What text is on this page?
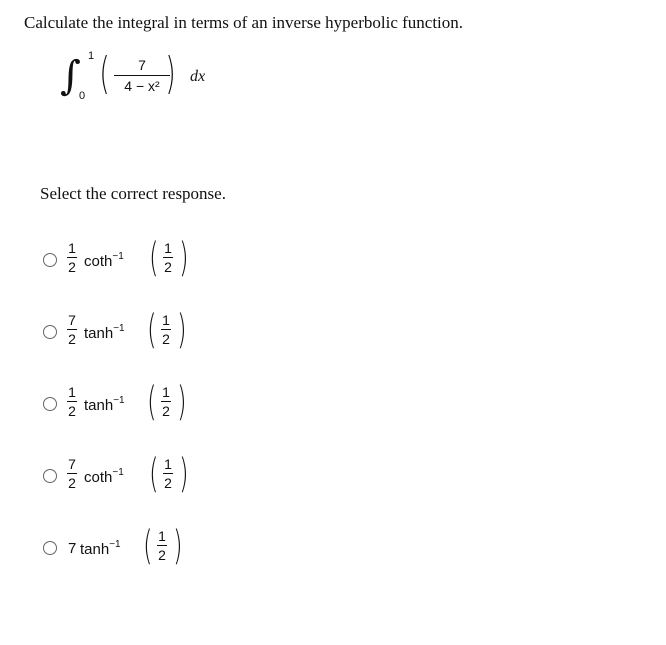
Calculate the integral in terms of an inverse hyperbolic function.
∫ 1
0 (	7
4 − x² ) dx
Select the correct response.
1
2 coth$^{-1}$ ( 1
2 )
7
2 $\tanh^{-1}$ ( 1
2 )
1
2 $\tanh^{-1}$ ( 1
2 )
7
2 coth$^{-1}$ ( 1
2 )
7 $\tanh^{-1}$ ( 1
2 )
